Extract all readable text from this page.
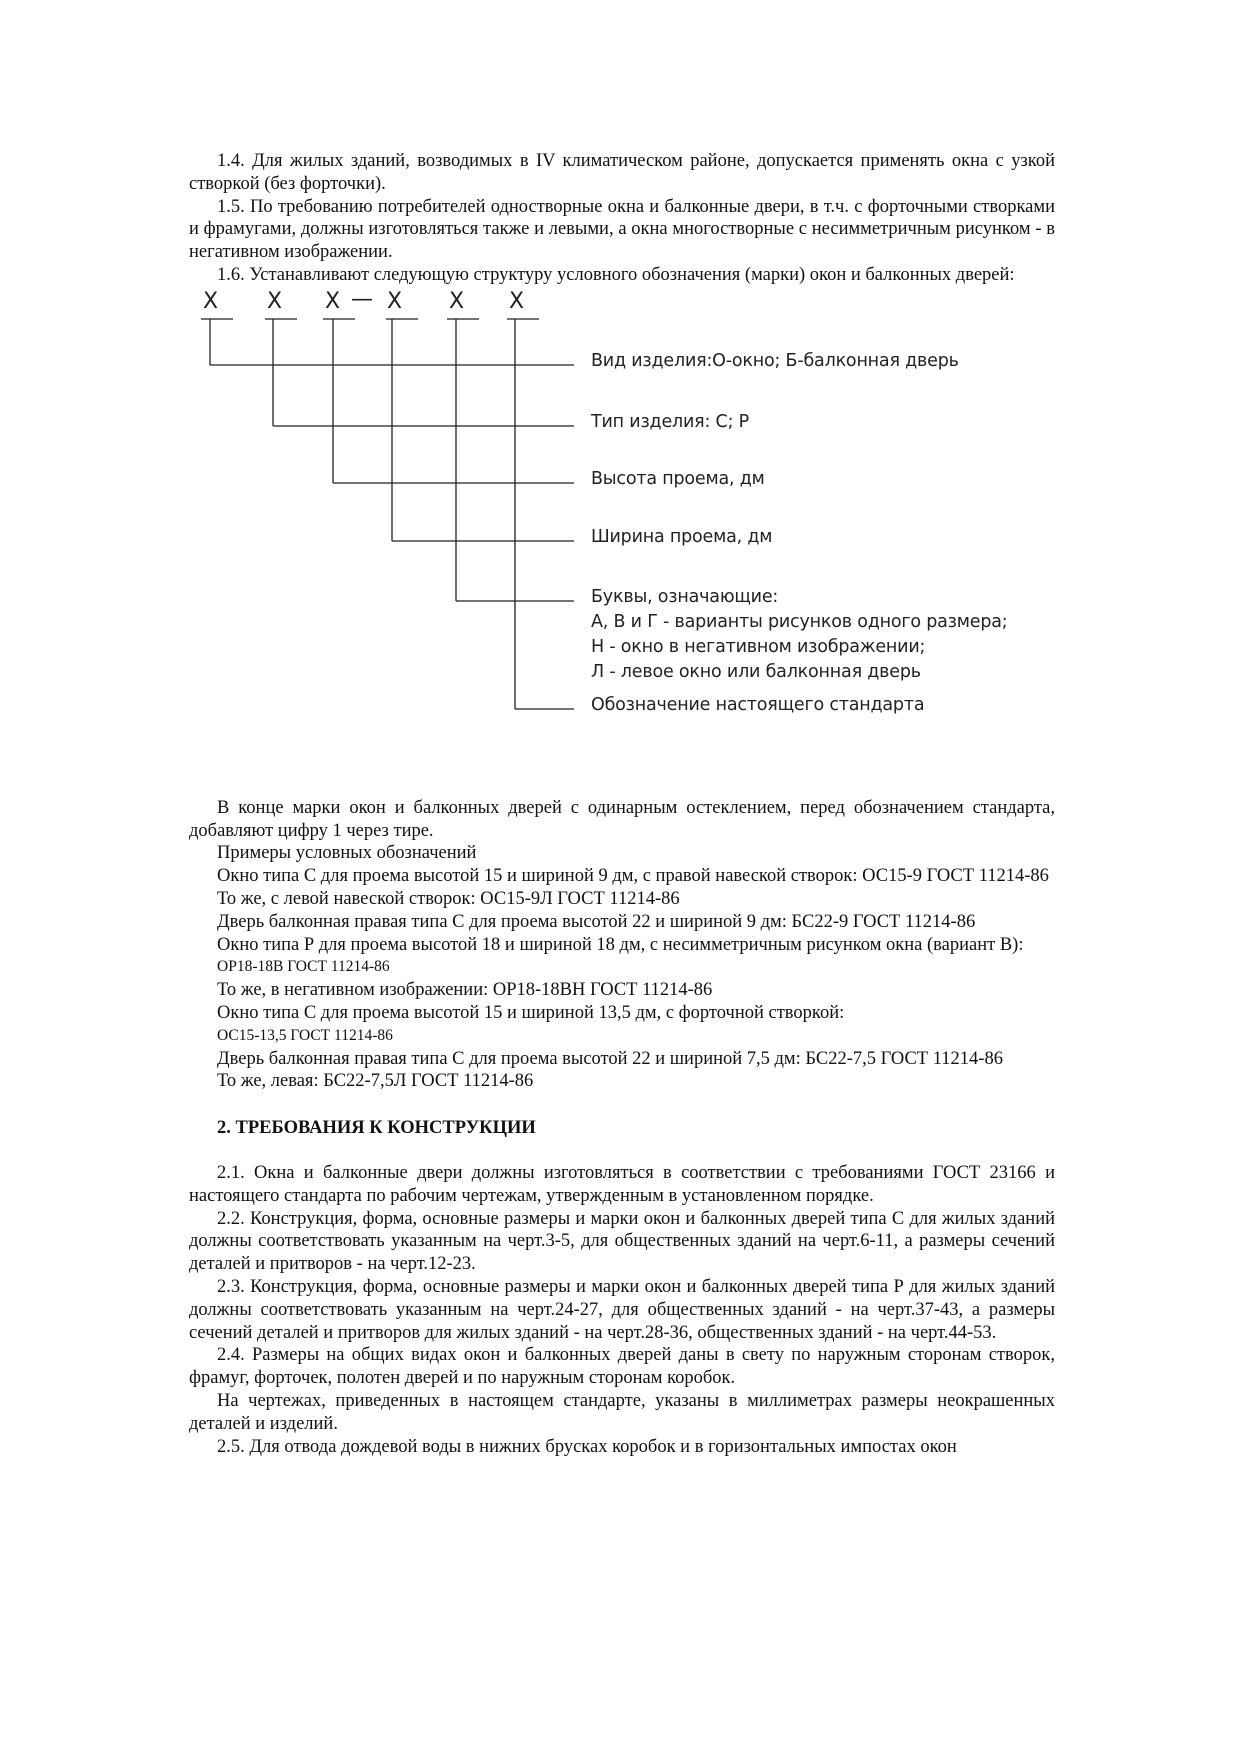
1.4. Для жилых зданий, возводимых в IV климатическом районе, допускается применять окна с узкой створкой (без форточки).

1.5. По требованию потребителей одностворные окна и балконные двери, в т.ч. с форточными створками и фрамугами, должны изготовляться также и левыми, а окна многостворные с несимметричным рисунком - в негативном изображении.

1.6. Устанавливают следующую структуру условного обозначения (марки) окон и балконных дверей:

Х Х Х — Х Х Х
Вид изделия:О-окно; Б-балконная дверь
Тип изделия: С; Р
Высота проема, дм
Ширина проема, дм
Буквы, означающие:
А, В и Г - варианты рисунков одного размера;
Н - окно в негативном изображении;
Л - левое окно или балконная дверь
Обозначение настоящего стандарта

В конце марки окон и балконных дверей с одинарным остеклением, перед обозначением стандарта, добавляют цифру 1 через тире.

Примеры условных обозначений

Окно типа С для проема высотой 15 и шириной 9 дм, с правой навеской створок: ОС15-9 ГОСТ 11214-86

То же, с левой навеской створок: ОС15-9Л ГОСТ 11214-86

Дверь балконная правая типа С для проема высотой 22 и шириной 9 дм: БС22-9 ГОСТ 11214-86

Окно типа Р для проема высотой 18 и шириной 18 дм, с несимметричным рисунком окна (вариант В):

ОР18-18В ГОСТ 11214-86

То же, в негативном изображении: ОР18-18ВН ГОСТ 11214-86

Окно типа С для проема высотой 15 и шириной 13,5 дм, с форточной створкой:

ОС15-13,5 ГОСТ 11214-86

Дверь балконная правая типа С для проема высотой 22 и шириной 7,5 дм: БС22-7,5 ГОСТ 11214-86

То же, левая: БС22-7,5Л ГОСТ 11214-86

2. ТРЕБОВАНИЯ К КОНСТРУКЦИИ

2.1. Окна и балконные двери должны изготовляться в соответствии с требованиями ГОСТ 23166 и настоящего стандарта по рабочим чертежам, утвержденным в установленном порядке.

2.2. Конструкция, форма, основные размеры и марки окон и балконных дверей типа С для жилых зданий должны соответствовать указанным на черт.3-5, для общественных зданий на черт.6-11, а размеры сечений деталей и притворов - на черт.12-23.

2.3. Конструкция, форма, основные размеры и марки окон и балконных дверей типа Р для жилых зданий должны соответствовать указанным на черт.24-27, для общественных зданий - на черт.37-43, а размеры сечений деталей и притворов для жилых зданий - на черт.28-36, общественных зданий - на черт.44-53.

2.4. Размеры на общих видах окон и балконных дверей даны в свету по наружным сторонам створок, фрамуг, форточек, полотен дверей и по наружным сторонам коробок.

На чертежах, приведенных в настоящем стандарте, указаны в миллиметрах размеры неокрашенных деталей и изделий.

2.5. Для отвода дождевой воды в нижних брусках коробок и в горизонтальных импостах окон
